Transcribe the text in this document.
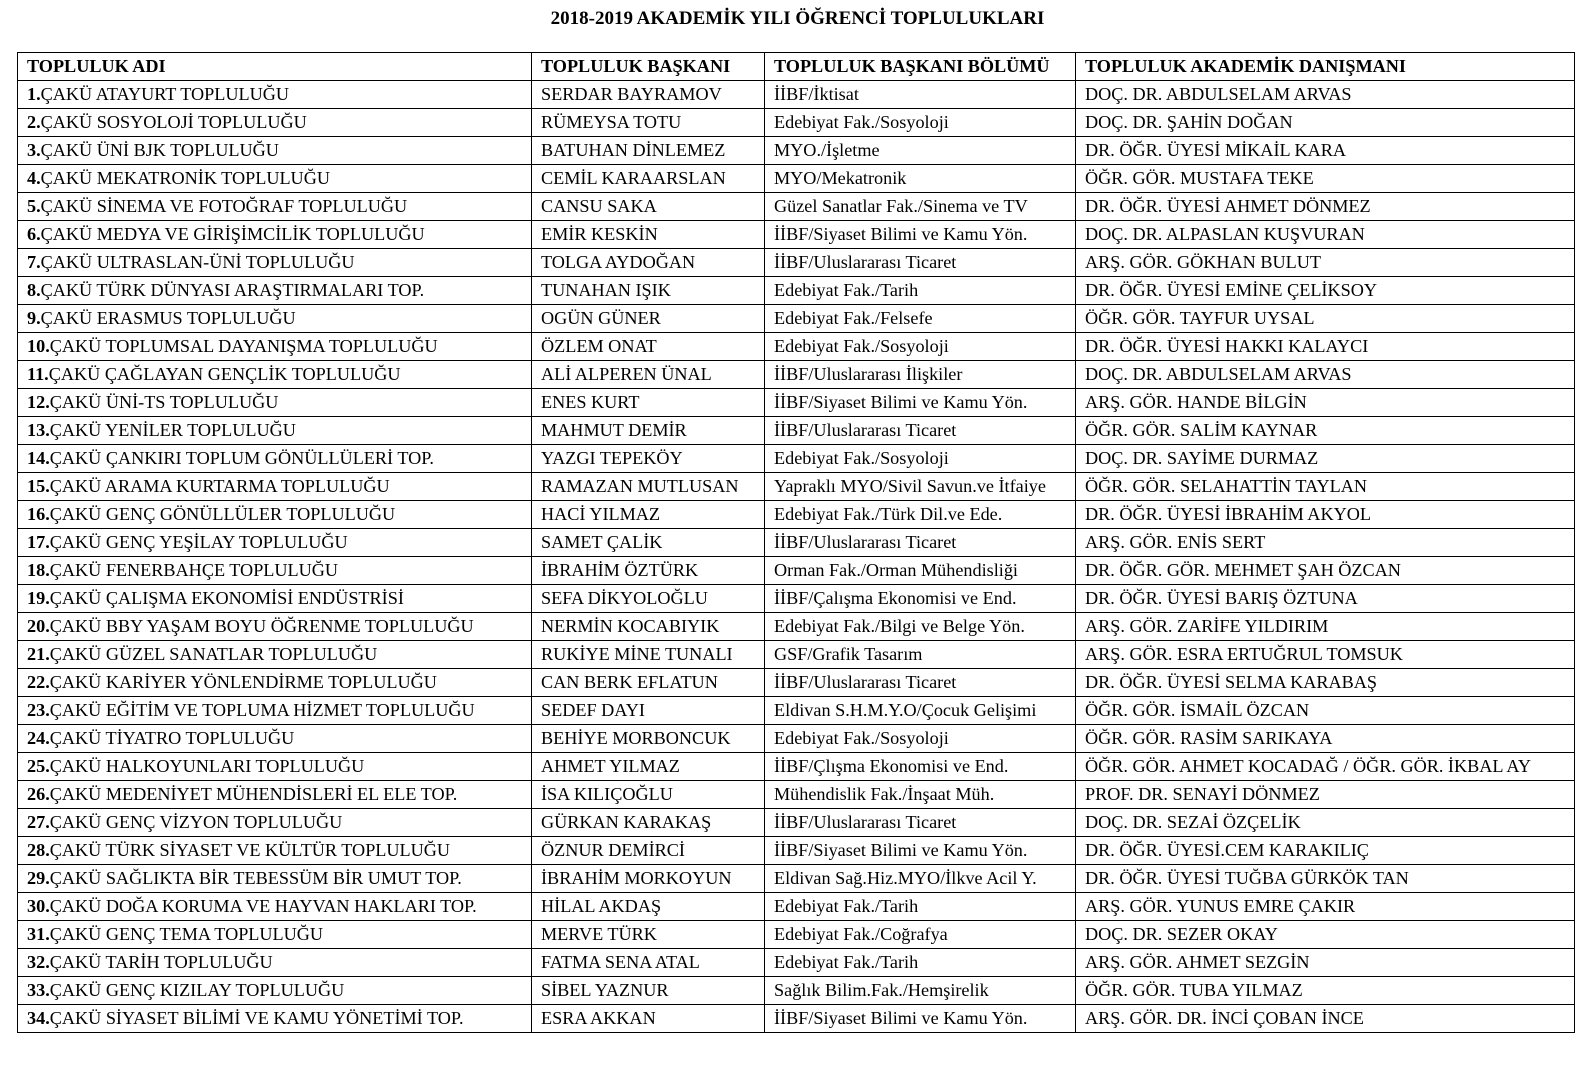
2018-2019 AKADEMİK YILI ÖĞRENCİ TOPLULUKLARI
TOPLULUK ADI	TOPLULUK BAŞKANI	TOPLULUK BAŞKANI BÖLÜMÜ	TOPLULUK AKADEMİK DANIŞMANI
1.ÇAKÜ ATAYURT TOPLULUĞU	SERDAR BAYRAMOV	İİBF/İktisat	DOÇ. DR. ABDULSELAM ARVAS
2.ÇAKÜ SOSYOLOJİ TOPLULUĞU	RÜMEYSA TOTU	Edebiyat Fak./Sosyoloji	DOÇ. DR. ŞAHİN DOĞAN
3.ÇAKÜ ÜNİ BJK TOPLULUĞU	BATUHAN DİNLEMEZ	MYO./İşletme	DR. ÖĞR. ÜYESİ MİKAİL KARA
4.ÇAKÜ MEKATRONİK TOPLULUĞU	CEMİL KARAARSLAN	MYO/Mekatronik	ÖĞR. GÖR. MUSTAFA TEKE
5.ÇAKÜ SİNEMA VE FOTOĞRAF TOPLULUĞU	CANSU SAKA	Güzel Sanatlar Fak./Sinema ve TV	DR. ÖĞR. ÜYESİ AHMET DÖNMEZ
6.ÇAKÜ MEDYA VE GİRİŞİMCİLİK TOPLULUĞU	EMİR KESKİN	İİBF/Siyaset Bilimi ve Kamu Yön.	DOÇ. DR. ALPASLAN KUŞVURAN
7.ÇAKÜ ULTRASLAN-ÜNİ TOPLULUĞU	TOLGA AYDOĞAN	İİBF/Uluslararası Ticaret	ARŞ. GÖR. GÖKHAN BULUT
8.ÇAKÜ TÜRK DÜNYASI ARAŞTIRMALARI TOP.	TUNAHAN IŞIK	Edebiyat Fak./Tarih	DR. ÖĞR. ÜYESİ EMİNE ÇELİKSOY
9.ÇAKÜ ERASMUS TOPLULUĞU	OGÜN GÜNER	Edebiyat Fak./Felsefe	ÖĞR. GÖR. TAYFUR UYSAL
10.ÇAKÜ TOPLUMSAL DAYANIŞMA TOPLULUĞU	ÖZLEM ONAT	Edebiyat Fak./Sosyoloji	DR. ÖĞR. ÜYESİ HAKKI KALAYCI
11.ÇAKÜ ÇAĞLAYAN GENÇLİK TOPLULUĞU	ALİ ALPEREN ÜNAL	İİBF/Uluslararası İlişkiler	DOÇ. DR. ABDULSELAM ARVAS
12.ÇAKÜ ÜNİ-TS TOPLULUĞU	ENES KURT	İİBF/Siyaset Bilimi ve Kamu Yön.	ARŞ. GÖR. HANDE BİLGİN
13.ÇAKÜ YENİLER TOPLULUĞU	MAHMUT DEMİR	İİBF/Uluslararası Ticaret	ÖĞR. GÖR. SALİM KAYNAR
14.ÇAKÜ ÇANKIRI TOPLUM GÖNÜLLÜLERİ TOP.	YAZGI TEPEKÖY	Edebiyat Fak./Sosyoloji	DOÇ. DR. SAYİME DURMAZ
15.ÇAKÜ ARAMA KURTARMA TOPLULUĞU	RAMAZAN MUTLUSAN	Yapraklı MYO/Sivil Savun.ve İtfaiye	ÖĞR. GÖR. SELAHATTİN TAYLAN
16.ÇAKÜ GENÇ GÖNÜLLÜLER TOPLULUĞU	HACİ YILMAZ	Edebiyat Fak./Türk Dil.ve Ede.	DR. ÖĞR. ÜYESİ İBRAHİM AKYOL
17.ÇAKÜ GENÇ YEŞİLAY TOPLULUĞU	SAMET ÇALİK	İİBF/Uluslararası Ticaret	ARŞ. GÖR. ENİS SERT
18.ÇAKÜ FENERBAHÇE TOPLULUĞU	İBRAHİM ÖZTÜRK	Orman Fak./Orman Mühendisliği	DR. ÖĞR. GÖR. MEHMET ŞAH ÖZCAN
19.ÇAKÜ ÇALIŞMA EKONOMİSİ ENDÜSTRİSİ	SEFA DİKYOLOĞLU	İİBF/Çalışma Ekonomisi ve End.	DR. ÖĞR. ÜYESİ BARIŞ ÖZTUNA
20.ÇAKÜ BBY YAŞAM BOYU ÖĞRENME TOPLULUĞU	NERMİN KOCABIYIK	Edebiyat Fak./Bilgi ve Belge Yön.	ARŞ. GÖR. ZARİFE YILDIRIM
21.ÇAKÜ GÜZEL SANATLAR TOPLULUĞU	RUKİYE MİNE TUNALI	GSF/Grafik Tasarım	ARŞ. GÖR. ESRA ERTUĞRUL TOMSUK
22.ÇAKÜ KARİYER YÖNLENDİRME TOPLULUĞU	CAN BERK EFLATUN	İİBF/Uluslararası Ticaret	DR. ÖĞR. ÜYESİ SELMA KARABAŞ
23.ÇAKÜ EĞİTİM VE TOPLUMA HİZMET TOPLULUĞU	SEDEF DAYI	Eldivan S.H.M.Y.O/Çocuk Gelişimi	ÖĞR. GÖR. İSMAİL ÖZCAN
24.ÇAKÜ TİYATRO TOPLULUĞU	BEHİYE MORBONCUK	Edebiyat Fak./Sosyoloji	ÖĞR. GÖR. RASİM SARIKAYA
25.ÇAKÜ HALKOYUNLARI TOPLULUĞU	AHMET YILMAZ	İİBF/Çlışma Ekonomisi ve End.	ÖĞR. GÖR. AHMET KOCADAĞ / ÖĞR. GÖR. İKBAL AY
26.ÇAKÜ MEDENİYET MÜHENDİSLERİ EL ELE TOP.	İSA KILIÇOĞLU	Mühendislik Fak./İnşaat Müh.	PROF. DR. SENAYİ DÖNMEZ
27.ÇAKÜ GENÇ VİZYON TOPLULUĞU	GÜRKAN KARAKAŞ	İİBF/Uluslararası Ticaret	DOÇ. DR. SEZAİ ÖZÇELİK
28.ÇAKÜ TÜRK SİYASET VE KÜLTÜR TOPLULUĞU	ÖZNUR DEMİRCİ	İİBF/Siyaset Bilimi ve Kamu Yön.	DR. ÖĞR. ÜYESİ.CEM KARAKILIÇ
29.ÇAKÜ SAĞLIKTA BİR TEBESSÜM BİR UMUT TOP.	İBRAHİM MORKOYUN	Eldivan Sağ.Hiz.MYO/İlkve Acil Y.	DR. ÖĞR. ÜYESİ TUĞBA GÜRKÖK TAN
30.ÇAKÜ DOĞA KORUMA VE HAYVAN HAKLARI TOP.	HİLAL AKDAŞ	Edebiyat Fak./Tarih	ARŞ. GÖR. YUNUS EMRE ÇAKIR
31.ÇAKÜ GENÇ TEMA TOPLULUĞU	MERVE TÜRK	Edebiyat Fak./Coğrafya	DOÇ. DR. SEZER OKAY
32.ÇAKÜ TARİH TOPLULUĞU	FATMA SENA ATAL	Edebiyat Fak./Tarih	ARŞ. GÖR. AHMET SEZGİN
33.ÇAKÜ GENÇ KIZILAY TOPLULUĞU	SİBEL YAZNUR	Sağlık Bilim.Fak./Hemşirelik	ÖĞR. GÖR. TUBA YILMAZ
34.ÇAKÜ SİYASET BİLİMİ VE KAMU YÖNETİMİ TOP.	ESRA AKKAN	İİBF/Siyaset Bilimi ve Kamu Yön.	ARŞ. GÖR. DR. İNCİ ÇOBAN İNCE
